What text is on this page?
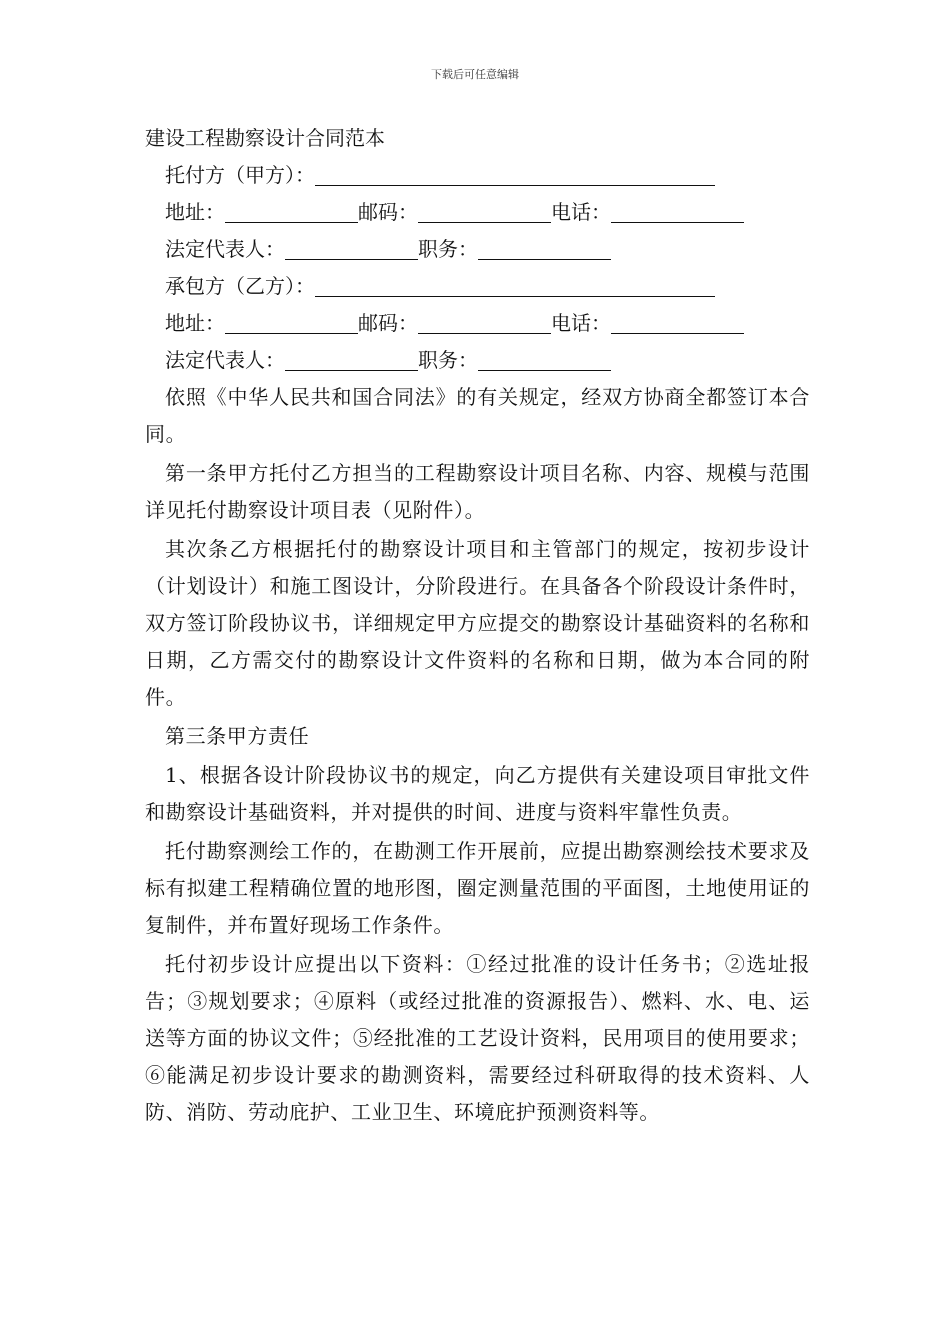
下载后可任意编辑
建设工程勘察设计合同范本
托付方（甲方）：
地址：	邮码：	电话：
法定代表人：	职务：
承包方（乙方）：
地址：	邮码：	电话：
法定代表人：	职务：

依照《中华人民共和国合同法》的有关规定，经双方协商全都签订本合同。

第一条甲方托付乙方担当的工程勘察设计项目名称、内容、规模与范围详见托付勘察设计项目表（见附件）。

其次条乙方根据托付的勘察设计项目和主管部门的规定，按初步设计（计划设计）和施工图设计，分阶段进行。在具备各个阶段设计条件时，双方签订阶段协议书，详细规定甲方应提交的勘察设计基础资料的名称和日期，乙方需交付的勘察设计文件资料的名称和日期，做为本合同的附件。

第三条甲方责任

1、根据各设计阶段协议书的规定，向乙方提供有关建设项目审批文件和勘察设计基础资料，并对提供的时间、进度与资料牢靠性负责。

托付勘察测绘工作的，在勘测工作开展前，应提出勘察测绘技术要求及标有拟建工程精确位置的地形图，圈定测量范围的平面图，土地使用证的复制件，并布置好现场工作条件。

托付初步设计应提出以下资料：①经过批准的设计任务书；②选址报告；③规划要求；④原料（或经过批准的资源报告）、燃料、水、电、运送等方面的协议文件；⑤经批准的工艺设计资料，民用项目的使用要求；⑥能满足初步设计要求的勘测资料，需要经过科研取得的技术资料、人防、消防、劳动庇护、工业卫生、环境庇护预测资料等。
